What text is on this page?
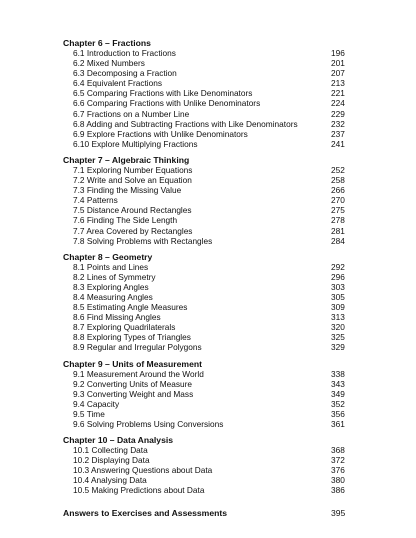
Chapter 6 – Fractions
6.1 Introduction to Fractions	196
6.2 Mixed Numbers	201
6.3 Decomposing a Fraction	207
6.4 Equivalent Fractions	213
6.5 Comparing Fractions with Like Denominators	221
6.6 Comparing Fractions with Unlike Denominators	224
6.7 Fractions on a Number Line	229
6.8 Adding and Subtracting Fractions with Like Denominators	232
6.9 Explore Fractions with Unlike Denominators	237
6.10 Explore Multiplying Fractions	241
Chapter 7 – Algebraic Thinking
7.1 Exploring Number Equations	252
7.2 Write and Solve an Equation	258
7.3 Finding the Missing Value	266
7.4 Patterns	270
7.5 Distance Around Rectangles	275
7.6 Finding The Side Length	278
7.7 Area Covered by Rectangles	281
7.8 Solving Problems with Rectangles	284
Chapter 8 – Geometry
8.1 Points and Lines	292
8.2 Lines of Symmetry	296
8.3 Exploring Angles	303
8.4 Measuring Angles	305
8.5 Estimating Angle Measures	309
8.6 Find Missing Angles	313
8.7 Exploring Quadrilaterals	320
8.8 Exploring Types of Triangles	325
8.9 Regular and Irregular Polygons	329
Chapter 9 – Units of Measurement
9.1 Measurement Around the World	338
9.2 Converting Units of Measure	343
9.3 Converting Weight and Mass	349
9.4 Capacity	352
9.5 Time	356
9.6 Solving Problems Using Conversions	361
Chapter 10 – Data Analysis
10.1 Collecting Data	368
10.2 Displaying Data	372
10.3 Answering Questions about Data	376
10.4 Analysing Data	380
10.5 Making Predictions about Data	386
Answers to Exercises and Assessments	395
